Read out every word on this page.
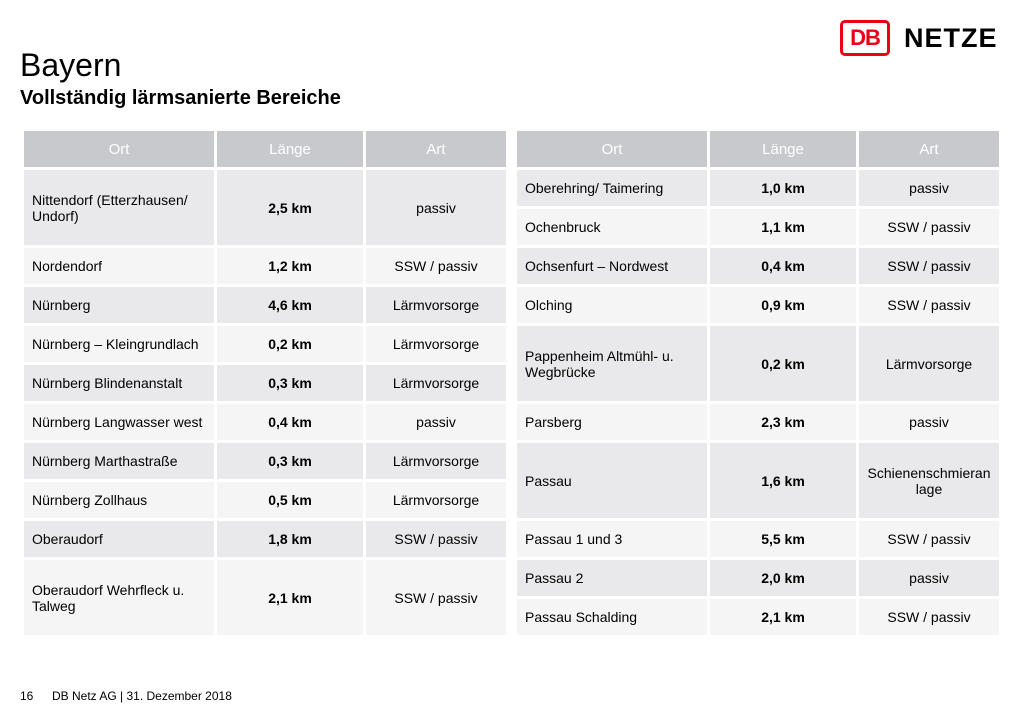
Bayern
Vollständig lärmsanierte Bereiche
DB NETZE
Ort	Länge	Art
Nittendorf (Etterzhausen/ Undorf)	2,5 km	passiv
Nordendorf	1,2 km	SSW / passiv
Nürnberg	4,6 km	Lärmvorsorge
Nürnberg – Kleingrundlach	0,2 km	Lärmvorsorge
Nürnberg Blindenanstalt	0,3 km	Lärmvorsorge
Nürnberg Langwasser west	0,4 km	passiv
Nürnberg Marthastraße	0,3 km	Lärmvorsorge
Nürnberg Zollhaus	0,5 km	Lärmvorsorge
Oberaudorf	1,8 km	SSW / passiv
Oberaudorf Wehrfleck u. Talweg	2,1 km	SSW / passiv
Ort	Länge	Art
Oberehring/ Taimering	1,0 km	passiv
Ochenbruck	1,1 km	SSW / passiv
Ochsenfurt – Nordwest	0,4 km	SSW / passiv
Olching	0,9 km	SSW / passiv
Pappenheim Altmühl- u. Wegbrücke	0,2 km	Lärmvorsorge
Parsberg	2,3 km	passiv
Passau	1,6 km	Schienenschmieranlage
Passau 1 und 3	5,5 km	SSW / passiv
Passau 2	2,0 km	passiv
Passau Schalding	2,1 km	SSW / passiv
16 DB Netz AG | 31. Dezember 2018
